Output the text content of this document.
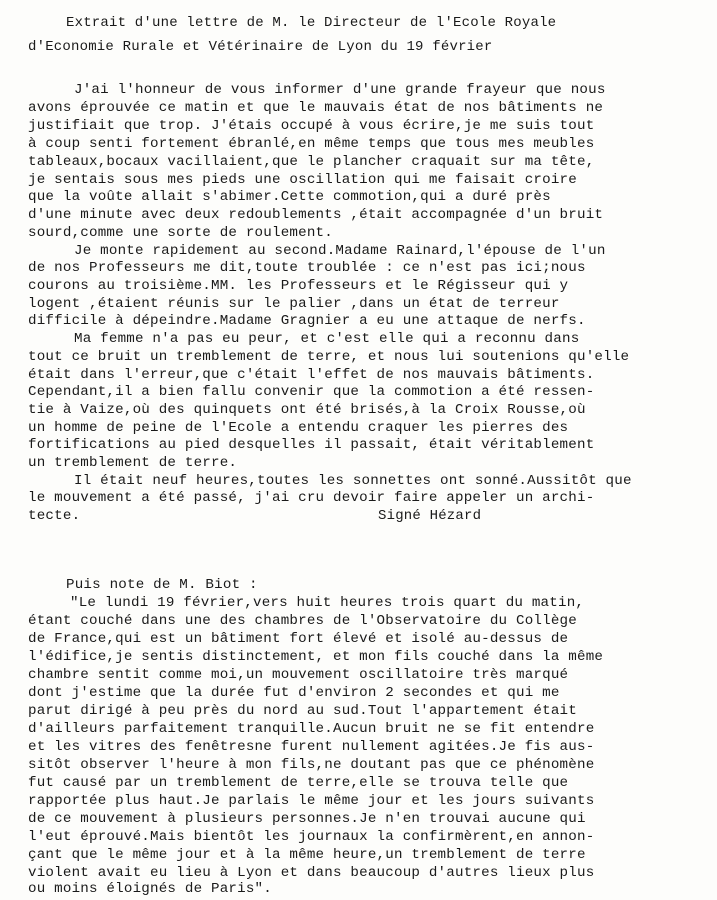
Extrait d'une lettre de M. le Directeur de l'Ecole Royale
d'Economie Rurale et Vétérinaire de Lyon du 19 février
J'ai l'honneur de vous informer d'une grande frayeur que nous
avons éprouvée ce matin et que le mauvais état de nos bâtiments ne
justifiait que trop. J'étais occupé à vous écrire,je me suis tout
à coup senti fortement ébranlé,en même temps que tous mes meubles
tableaux,bocaux vacillaient,que le plancher craquait sur ma tête,
je sentais sous mes pieds une oscillation qui me faisait croire
que la voûte allait s'abimer.Cette commotion,qui a duré près
d'une minute avec deux redoublements ,était accompagnée d'un bruit
sourd,comme une sorte de roulement.
Je monte rapidement au second.Madame Rainard,l'épouse de l'un
de nos Professeurs me dit,toute troublée : ce n'est pas ici;nous
courons au troisième.MM. les Professeurs et le Régisseur qui y
logent ,étaient réunis sur le palier ,dans un état de terreur
difficile à dépeindre.Madame Gragnier a eu une attaque de nerfs.
Ma femme n'a pas eu peur, et c'est elle qui a reconnu dans
tout ce bruit un tremblement de terre, et nous lui soutenions qu'elle
était dans l'erreur,que c'était l'effet de nos mauvais bâtiments.
Cependant,il a bien fallu convenir que la commotion a été ressen-
tie à Vaize,où des quinquets ont été brisés,à la Croix Rousse,où
un homme de peine de l'Ecole a entendu craquer les pierres des
fortifications au pied desquelles il passait, était véritablement
un tremblement de terre.
Il était neuf heures,toutes les sonnettes ont sonné.Aussitôt que
le mouvement a été passé, j'ai cru devoir faire appeler un archi-
tecte.	Signé Hézard
Puis note de M. Biot :
"Le lundi 19 février,vers huit heures trois quart du matin,
étant couché dans une des chambres de l'Observatoire du Collège
de France,qui est un bâtiment fort élevé et isolé au-dessus de
l'édifice,je sentis distinctement, et mon fils couché dans la même
chambre sentit comme moi,un mouvement oscillatoire très marqué
dont j'estime que la durée fut d'environ 2 secondes et qui me
parut dirigé à peu près du nord au sud.Tout l'appartement était
d'ailleurs parfaitement tranquille.Aucun bruit ne se fit entendre
et les vitres des fenêtresne furent nullement agitées.Je fis aus-
sitôt observer l'heure à mon fils,ne doutant pas que ce phénomène
fut causé par un tremblement de terre,elle se trouva telle que
rapportée plus haut.Je parlais le même jour et les jours suivants
de ce mouvement à plusieurs personnes.Je n'en trouvai aucune qui
l'eut éprouvé.Mais bientôt les journaux la confirmèrent,en annon-
çant que le même jour et à la même heure,un tremblement de terre
violent avait eu lieu à Lyon et dans beaucoup d'autres lieux plus
ou moins éloignés de Paris".
